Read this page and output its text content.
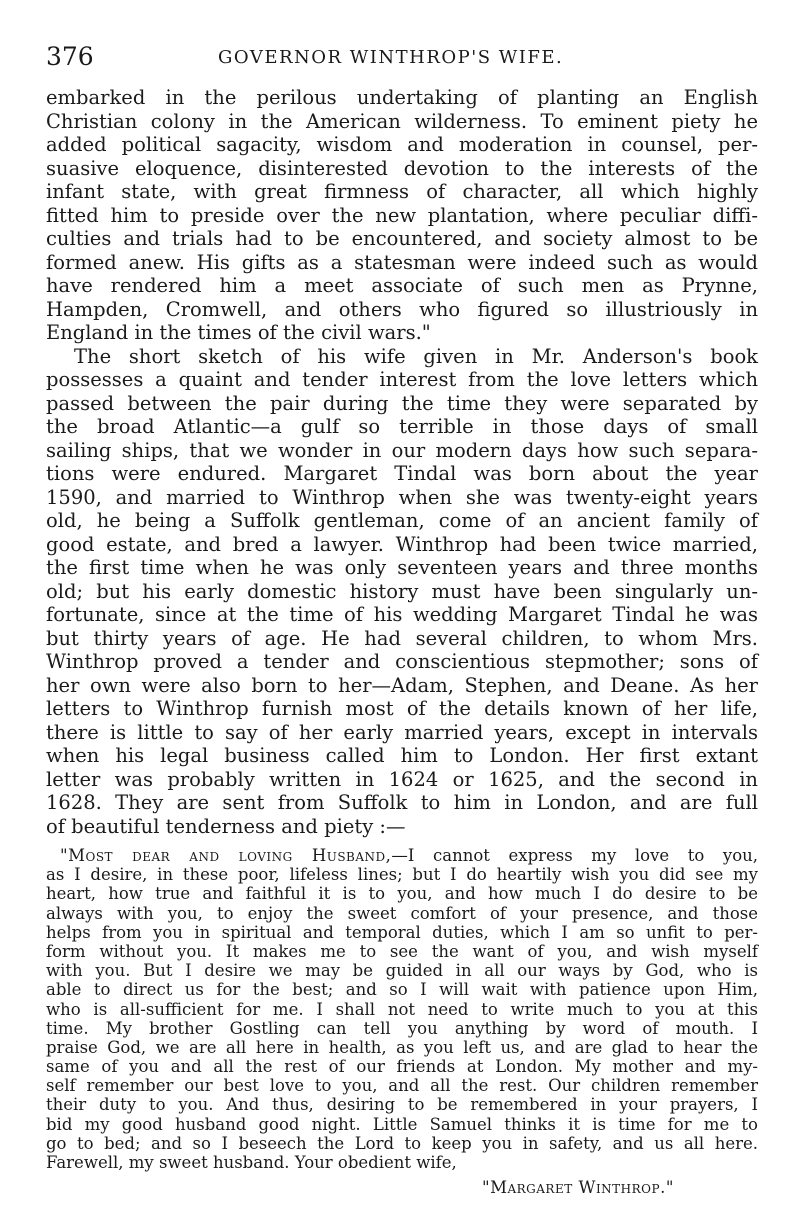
376	GOVERNOR WINTHROP'S WIFE.
embarked in the perilous undertaking of planting an English
Christian colony in the American wilderness. To eminent piety he
added political sagacity, wisdom and moderation in counsel, per-
suasive eloquence, disinterested devotion to the interests of the
infant state, with great firmness of character, all which highly
fitted him to preside over the new plantation, where peculiar diffi-
culties and trials had to be encountered, and society almost to be
formed anew. His gifts as a statesman were indeed such as would
have rendered him a meet associate of such men as Prynne,
Hampden, Cromwell, and others who figured so illustriously in
England in the times of the civil wars."
The short sketch of his wife given in Mr. Anderson's book
possesses a quaint and tender interest from the love letters which
passed between the pair during the time they were separated by
the broad Atlantic—a gulf so terrible in those days of small
sailing ships, that we wonder in our modern days how such separa-
tions were endured. Margaret Tindal was born about the year
1590, and married to Winthrop when she was twenty-eight years
old, he being a Suffolk gentleman, come of an ancient family of
good estate, and bred a lawyer. Winthrop had been twice married,
the first time when he was only seventeen years and three months
old; but his early domestic history must have been singularly un-
fortunate, since at the time of his wedding Margaret Tindal he was
but thirty years of age. He had several children, to whom Mrs.
Winthrop proved a tender and conscientious stepmother; sons of
her own were also born to her—Adam, Stephen, and Deane. As her
letters to Winthrop furnish most of the details known of her life,
there is little to say of her early married years, except in intervals
when his legal business called him to London. Her first extant
letter was probably written in 1624 or 1625, and the second in
1628. They are sent from Suffolk to him in London, and are full
of beautiful tenderness and piety :—
"Most dear and loving Husband,—I cannot express my love to you,
as I desire, in these poor, lifeless lines; but I do heartily wish you did see my
heart, how true and faithful it is to you, and how much I do desire to be
always with you, to enjoy the sweet comfort of your presence, and those
helps from you in spiritual and temporal duties, which I am so unfit to per-
form without you. It makes me to see the want of you, and wish myself
with you. But I desire we may be guided in all our ways by God, who is
able to direct us for the best; and so I will wait with patience upon Him,
who is all-sufficient for me. I shall not need to write much to you at this
time. My brother Gostling can tell you anything by word of mouth. I
praise God, we are all here in health, as you left us, and are glad to hear the
same of you and all the rest of our friends at London. My mother and my-
self remember our best love to you, and all the rest. Our children remember
their duty to you. And thus, desiring to be remembered in your prayers, I
bid my good husband good night. Little Samuel thinks it is time for me to
go to bed; and so I beseech the Lord to keep you in safety, and us all here.
Farewell, my sweet husband. Your obedient wife,
"Margaret Winthrop."
